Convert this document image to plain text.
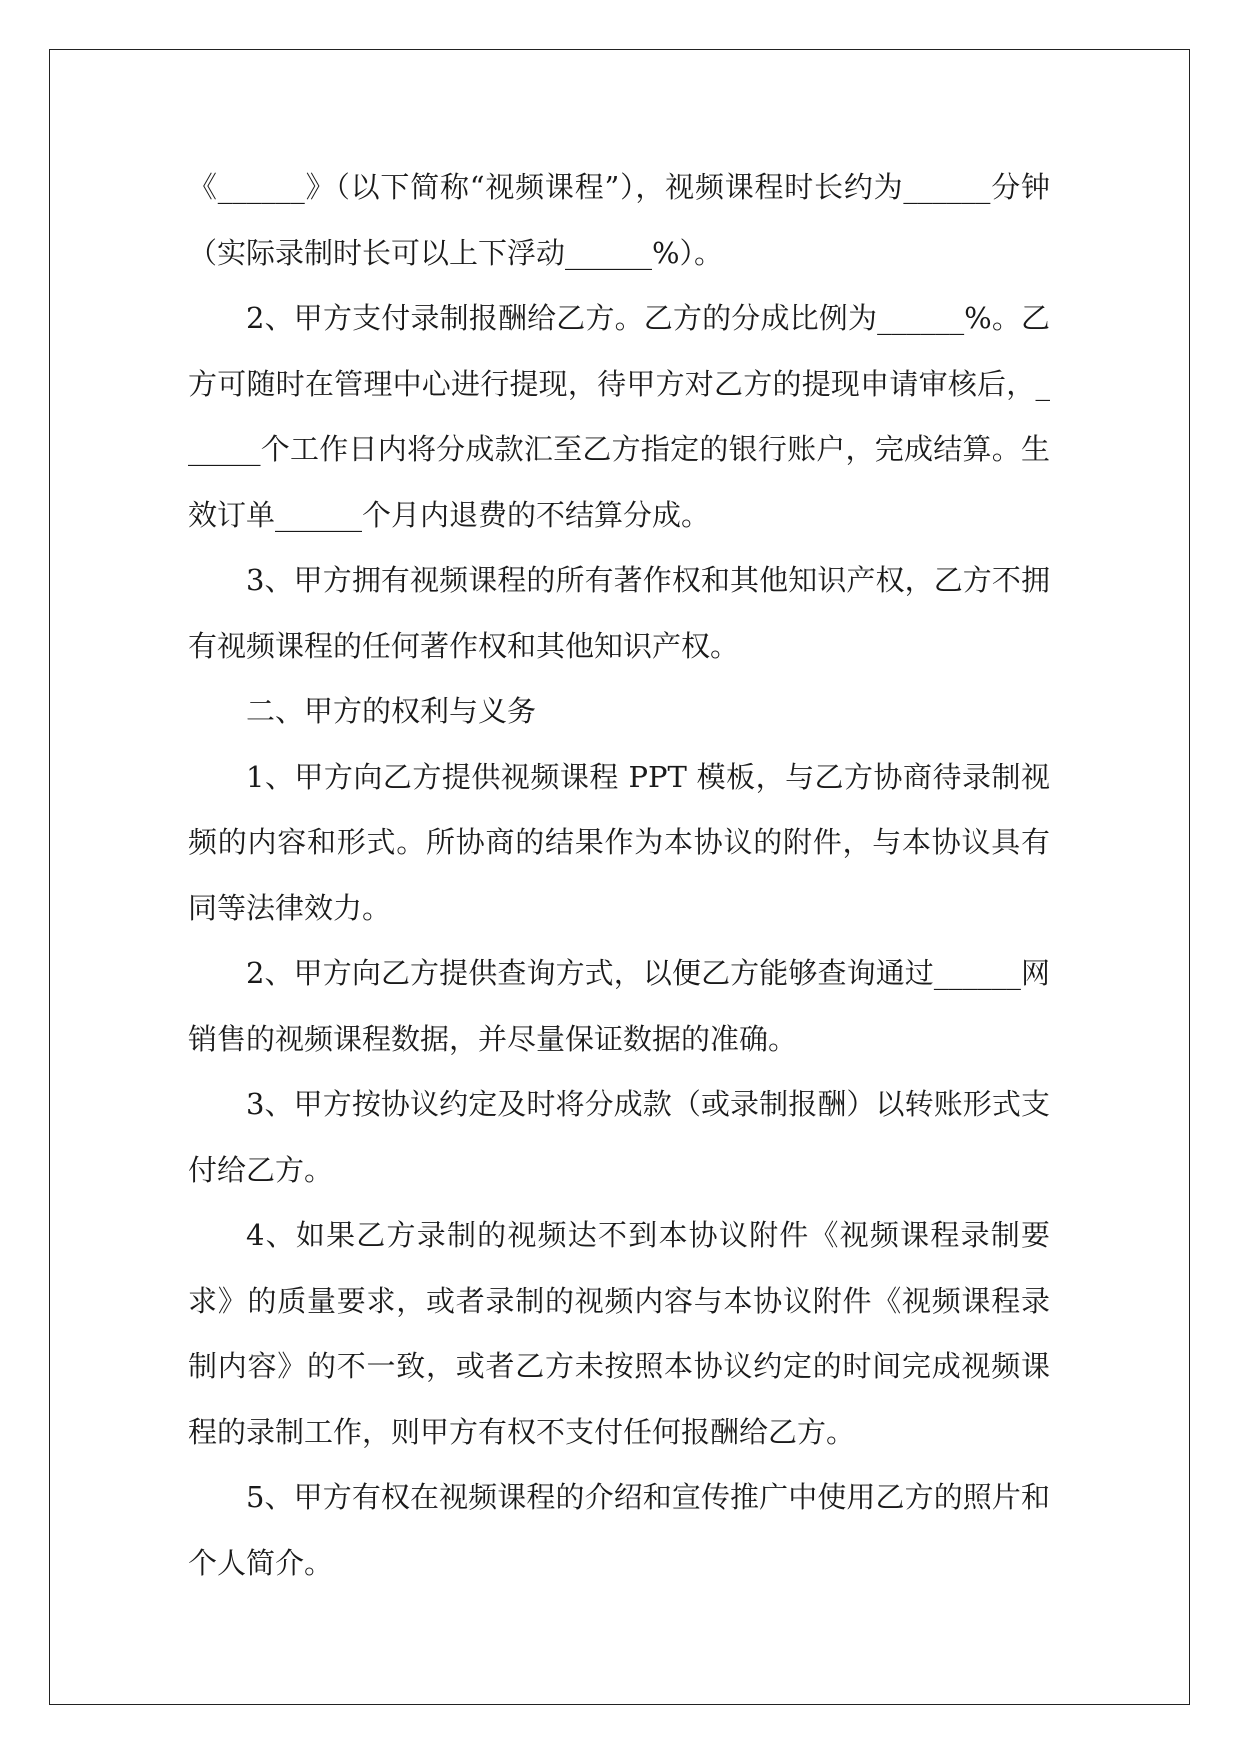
《______》（以下简称“视频课程”），视频课程时长约为______分钟（实际录制时长可以上下浮动______%）。

2、甲方支付录制报酬给乙方。乙方的分成比例为______%。乙方可随时在管理中心进行提现，待甲方对乙方的提现申请审核后，______个工作日内将分成款汇至乙方指定的银行账户，完成结算。生效订单______个月内退费的不结算分成。

3、甲方拥有视频课程的所有著作权和其他知识产权，乙方不拥有视频课程的任何著作权和其他知识产权。

二、甲方的权利与义务

1、甲方向乙方提供视频课程 PPT 模板，与乙方协商待录制视频的内容和形式。所协商的结果作为本协议的附件，与本协议具有同等法律效力。

2、甲方向乙方提供查询方式，以便乙方能够查询通过______网销售的视频课程数据，并尽量保证数据的准确。

3、甲方按协议约定及时将分成款（或录制报酬）以转账形式支付给乙方。

4、如果乙方录制的视频达不到本协议附件《视频课程录制要求》的质量要求，或者录制的视频内容与本协议附件《视频课程录制内容》的不一致，或者乙方未按照本协议约定的时间完成视频课程的录制工作，则甲方有权不支付任何报酬给乙方。

5、甲方有权在视频课程的介绍和宣传推广中使用乙方的照片和个人简介。
